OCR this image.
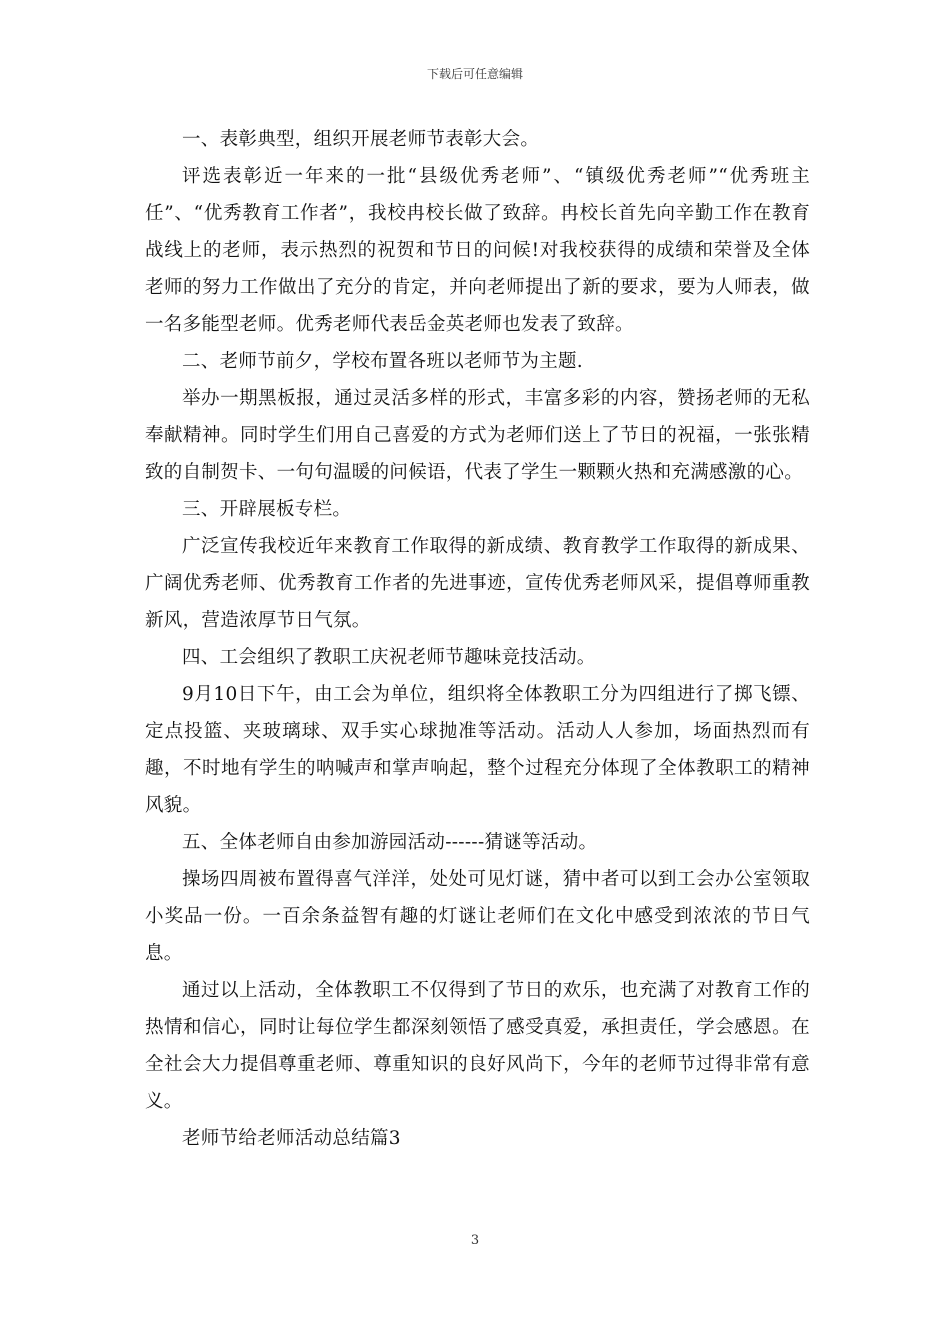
下载后可任意编辑

一、表彰典型，组织开展老师节表彰大会。

评选表彰近一年来的一批“县级优秀老师”、“镇级优秀老师”“优秀班主任”、“优秀教育工作者”，我校冉校长做了致辞。冉校长首先向辛勤工作在教育战线上的老师，表示热烈的祝贺和节日的问候!对我校获得的成绩和荣誉及全体老师的努力工作做出了充分的肯定，并向老师提出了新的要求，要为人师表，做一名多能型老师。优秀老师代表岳金英老师也发表了致辞。

二、老师节前夕，学校布置各班以老师节为主题.

举办一期黑板报，通过灵活多样的形式，丰富多彩的内容，赞扬老师的无私奉献精神。同时学生们用自己喜爱的方式为老师们送上了节日的祝福，一张张精致的自制贺卡、一句句温暖的问候语，代表了学生一颗颗火热和充满感激的心。

三、开辟展板专栏。

广泛宣传我校近年来教育工作取得的新成绩、教育教学工作取得的新成果、广阔优秀老师、优秀教育工作者的先进事迹，宣传优秀老师风采，提倡尊师重教新风，营造浓厚节日气氛。

四、工会组织了教职工庆祝老师节趣味竞技活动。

9月10日下午，由工会为单位，组织将全体教职工分为四组进行了掷飞镖、定点投篮、夹玻璃球、双手实心球抛准等活动。活动人人参加，场面热烈而有趣，不时地有学生的呐喊声和掌声响起，整个过程充分体现了全体教职工的精神风貌。

五、全体老师自由参加游园活动------猜谜等活动。

操场四周被布置得喜气洋洋，处处可见灯谜，猜中者可以到工会办公室领取小奖品一份。一百余条益智有趣的灯谜让老师们在文化中感受到浓浓的节日气息。

通过以上活动，全体教职工不仅得到了节日的欢乐，也充满了对教育工作的热情和信心，同时让每位学生都深刻领悟了感受真爱，承担责任，学会感恩。在全社会大力提倡尊重老师、尊重知识的良好风尚下，今年的老师节过得非常有意义。

老师节给老师活动总结篇3

3
